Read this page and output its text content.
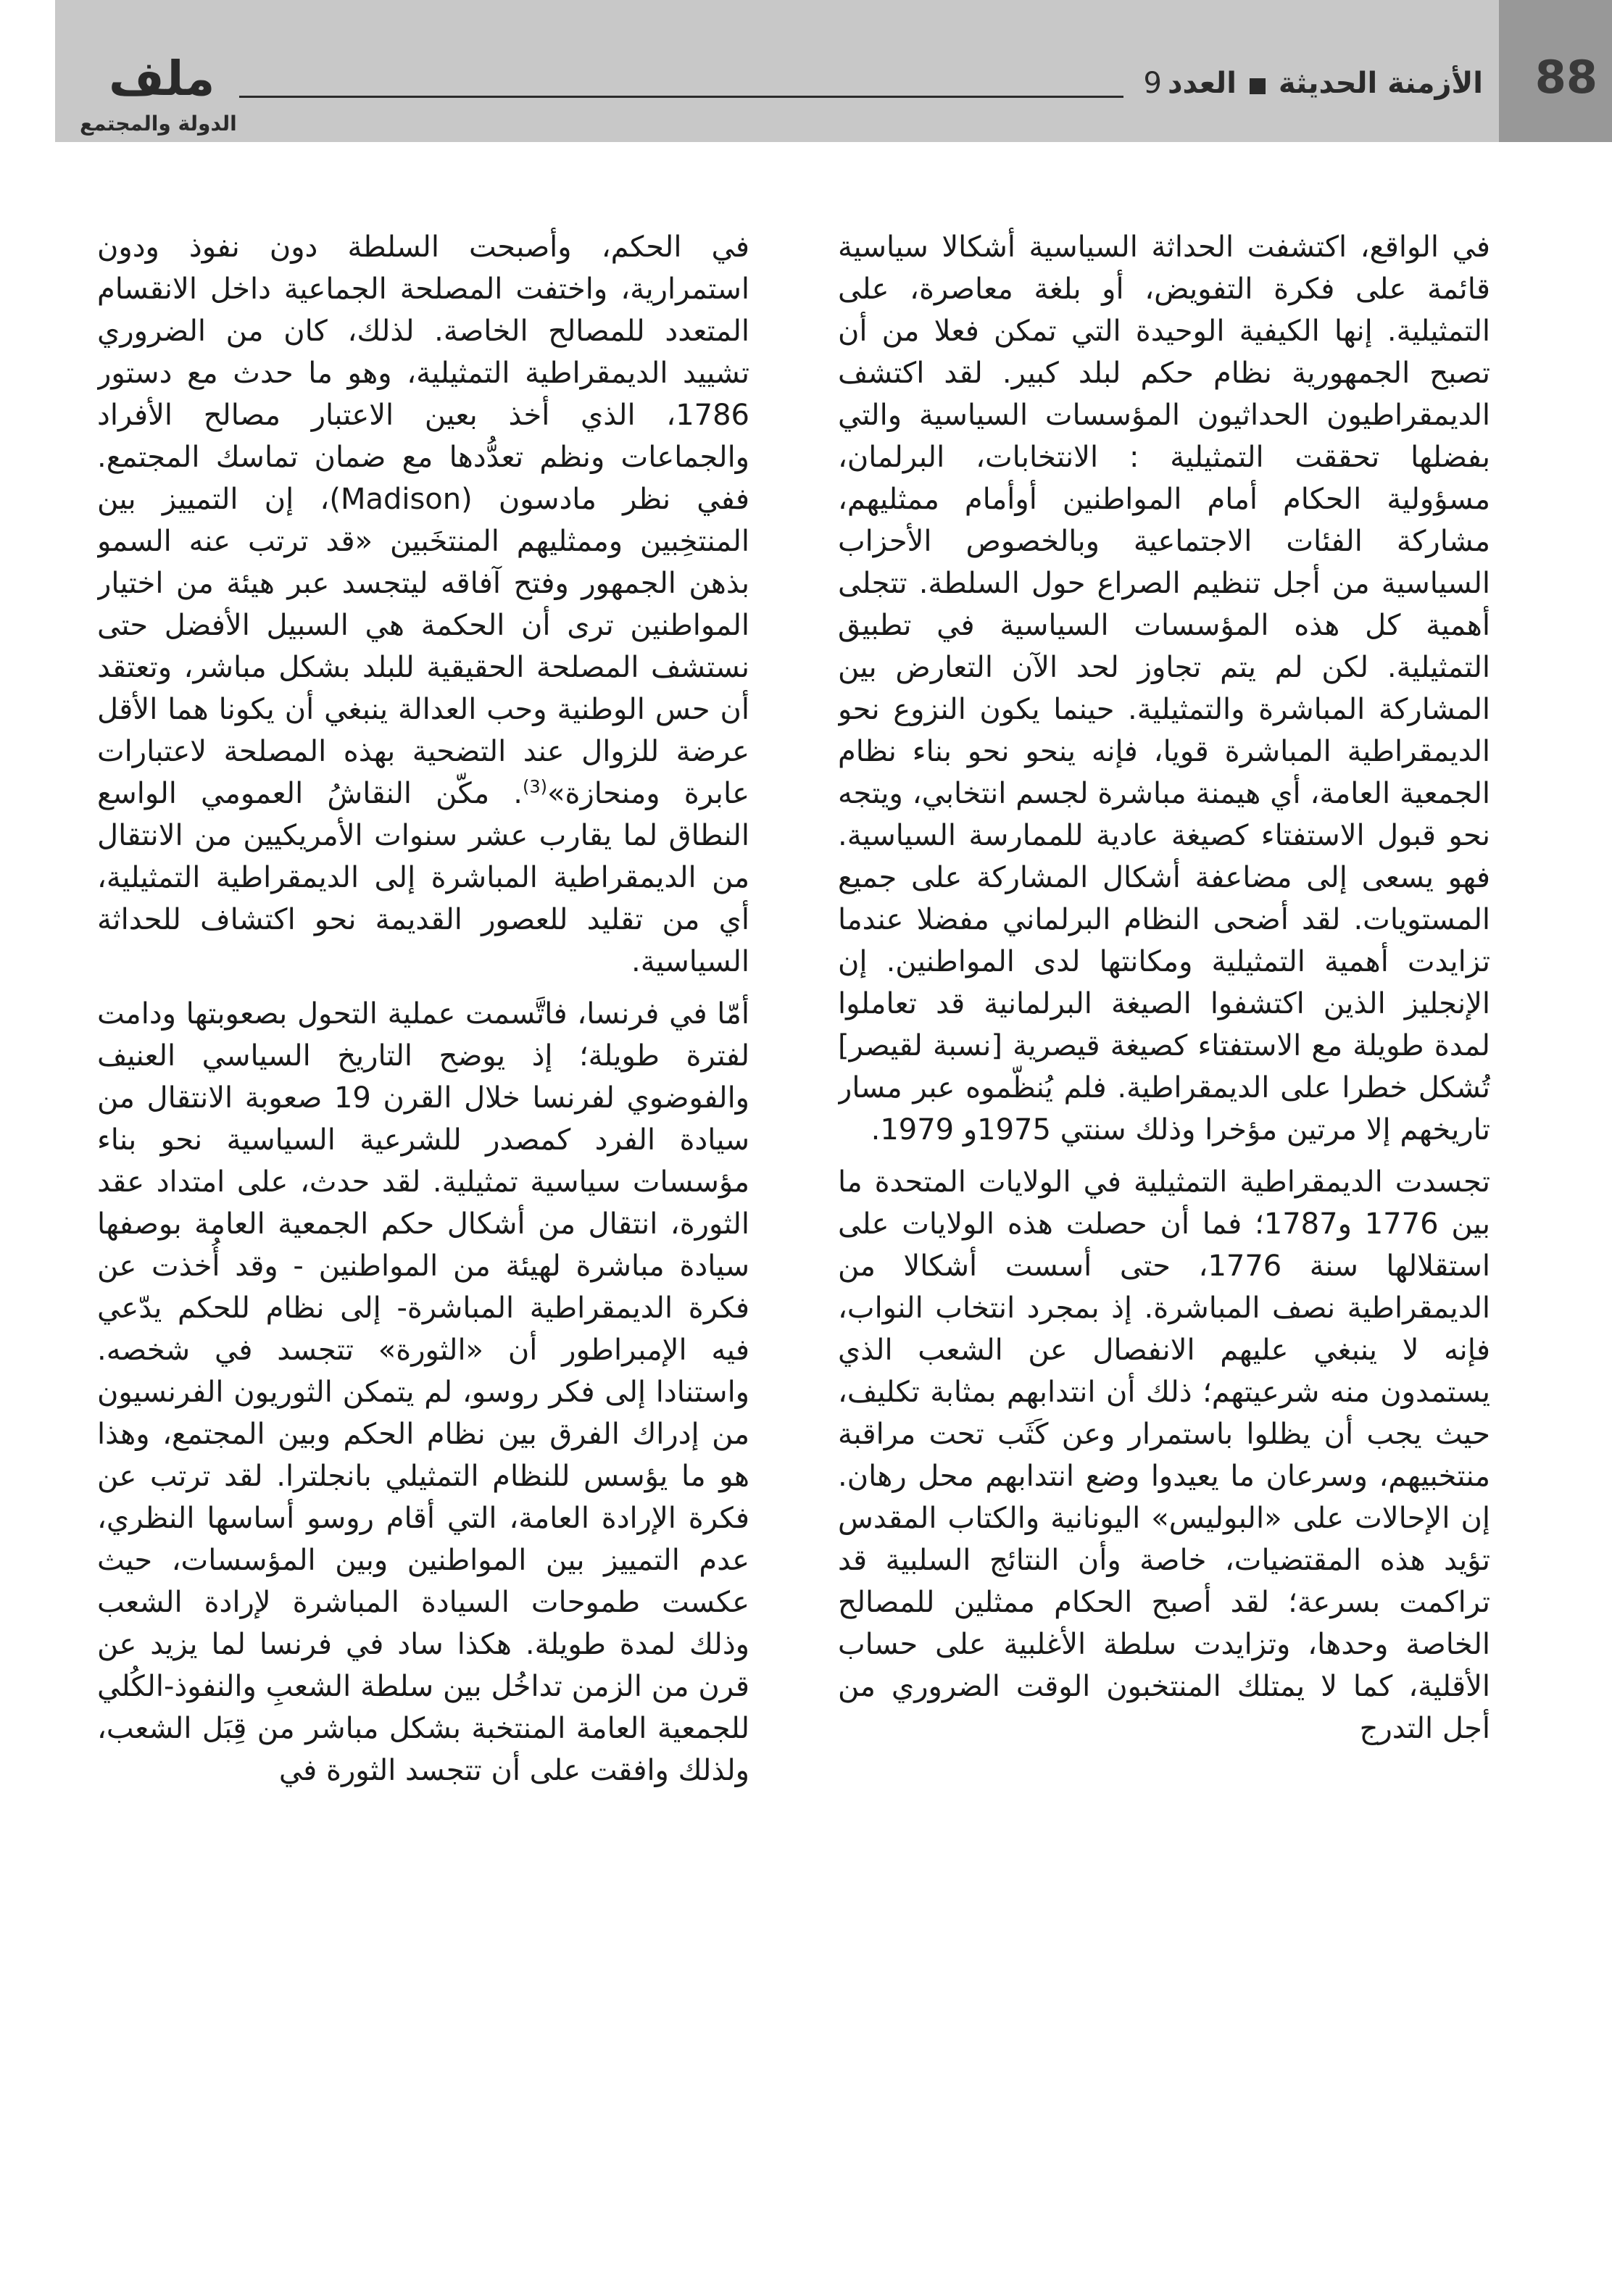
88
الأزمنة الحديثة
العدد
9
ملف
الدولة والمجتمع

في الواقع، اكتشفت الحداثة السياسية أشكالا سياسية قائمة على فكرة التفويض، أو بلغة معاصرة، على التمثيلية. إنها الكيفية الوحيدة التي تمكن فعلا من أن تصبح الجمهورية نظام حكم لبلد كبير. لقد اكتشف الديمقراطيون الحداثيون المؤسسات السياسية والتي بفضلها تحققت التمثيلية : الانتخابات، البرلمان، مسؤولية الحكام أمام المواطنين أوأمام ممثليهم، مشاركة الفئات الاجتماعية وبالخصوص الأحزاب السياسية من أجل تنظيم الصراع حول السلطة. تتجلى أهمية كل هذه المؤسسات السياسية في تطبيق التمثيلية. لكن لم يتم تجاوز لحد الآن التعارض بين المشاركة المباشرة والتمثيلية. حينما يكون النزوع نحو الديمقراطية المباشرة قويا، فإنه ينحو نحو بناء نظام الجمعية العامة، أي هيمنة مباشرة لجسم انتخابي، ويتجه نحو قبول الاستفتاء كصيغة عادية للممارسة السياسية. فهو يسعى إلى مضاعفة أشكال المشاركة على جميع المستويات. لقد أضحى النظام البرلماني مفضلا عندما تزايدت أهمية التمثيلية ومكانتها لدى المواطنين. إن الإنجليز الذين اكتشفوا الصيغة البرلمانية قد تعاملوا لمدة طويلة مع الاستفتاء كصيغة قيصرية [نسبة لقيصر] تُشكل خطرا على الديمقراطية. فلم يُنظّموه عبر مسار تاريخهم إلا مرتين مؤخرا وذلك سنتي 1975و 1979.

تجسدت الديمقراطية التمثيلية في الولايات المتحدة ما بين 1776 و1787؛ فما أن حصلت هذه الولايات على استقلالها سنة 1776، حتى أسست أشكالا من الديمقراطية نصف المباشرة. إذ بمجرد انتخاب النواب، فإنه لا ينبغي عليهم الانفصال عن الشعب الذي يستمدون منه شرعيتهم؛ ذلك أن انتدابهم بمثابة تكليف، حيث يجب أن يظلوا باستمرار وعن كَثَب تحت مراقبة منتخبيهم، وسرعان ما يعيدوا وضع انتدابهم محل رهان. إن الإحالات على «البوليس» اليونانية والكتاب المقدس تؤيد هذه المقتضيات، خاصة وأن النتائج السلبية قد تراكمت بسرعة؛ لقد أصبح الحكام ممثلين للمصالح الخاصة وحدها، وتزايدت سلطة الأغلبية على حساب الأقلية، كما لا يمتلك المنتخبون الوقت الضروري من أجل التدرج

في الحكم، وأصبحت السلطة دون نفوذ ودون استمرارية، واختفت المصلحة الجماعية داخل الانقسام المتعدد للمصالح الخاصة. لذلك، كان من الضروري تشييد الديمقراطية التمثيلية، وهو ما حدث مع دستور 1786، الذي أخذ بعين الاعتبار مصالح الأفراد والجماعات ونظم تعدُّدها مع ضمان تماسك المجتمع. ففي نظر مادسون (Madison)، إن التمييز بين المنتخِبين وممثليهم المنتخَبين «قد ترتب عنه السمو بذهن الجمهور وفتح آفاقه ليتجسد عبر هيئة من اختيار المواطنين ترى أن الحكمة هي السبيل الأفضل حتى نستشف المصلحة الحقيقية للبلد بشكل مباشر، وتعتقد أن حس الوطنية وحب العدالة ينبغي أن يكونا هما الأقل عرضة للزوال عند التضحية بهذه المصلحة لاعتبارات عابرة ومنحازة»$^{(3)}$. مكّن النقاشُ العمومي الواسع النطاق لما يقارب عشر سنوات الأمريكيين من الانتقال من الديمقراطية المباشرة إلى الديمقراطية التمثيلية، أي من تقليد للعصور القديمة نحو اكتشاف للحداثة السياسية.

أمّا في فرنسا، فاتَّسمت عملية التحول بصعوبتها ودامت لفترة طويلة؛ إذ يوضح التاريخ السياسي العنيف والفوضوي لفرنسا خلال القرن 19 صعوبة الانتقال من سيادة الفرد كمصدر للشرعية السياسية نحو بناء مؤسسات سياسية تمثيلية. لقد حدث، على امتداد عقد الثورة، انتقال من أشكال حكم الجمعية العامة بوصفها سيادة مباشرة لهيئة من المواطنين - وقد أُخذت عن فكرة الديمقراطية المباشرة- إلى نظام للحكم يدّعي فيه الإمبراطور أن «الثورة» تتجسد في شخصه. واستنادا إلى فكر روسو، لم يتمكن الثوريون الفرنسيون من إدراك الفرق بين نظام الحكم وبين المجتمع، وهذا هو ما يؤسس للنظام التمثيلي بانجلترا. لقد ترتب عن فكرة الإرادة العامة، التي أقام روسو أساسها النظري، عدم التمييز بين المواطنين وبين المؤسسات، حيث عكست طموحات السيادة المباشرة لإرادة الشعب وذلك لمدة طويلة. هكذا ساد في فرنسا لما يزيد عن قرن من الزمن تداخُل بين سلطة الشعبِ والنفوذ-الكُلي للجمعية العامة المنتخبة بشكل مباشر من قِبَل الشعب، ولذلك وافقت على أن تتجسد الثورة في
